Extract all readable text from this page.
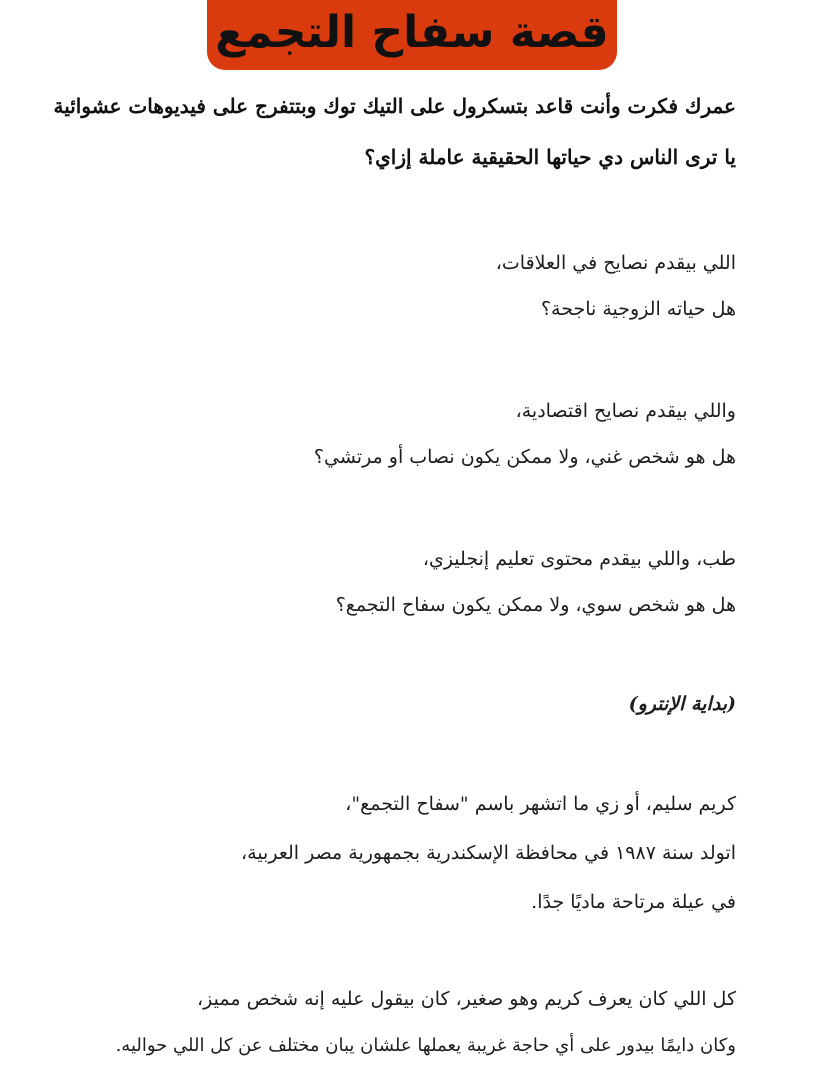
قصة سفاح التجمع
عمرك فكرت وأنت قاعد بتسكرول على التيك توك وبتتفرج على فيديوهات عشوائية
يا ترى الناس دي حياتها الحقيقية عاملة إزاي؟
اللي بيقدم نصايح في العلاقات،
هل حياته الزوجية ناجحة؟
واللي بيقدم نصايح اقتصادية،
هل هو شخص غني، ولا ممكن يكون نصاب أو مرتشي؟
طب، واللي بيقدم محتوى تعليم إنجليزي،
هل هو شخص سوي، ولا ممكن يكون سفاح التجمع؟
(بداية الإنترو)
كريم سليم، أو زي ما اتشهر باسم "سفاح التجمع"،
اتولد سنة ١٩٨٧ في محافظة الإسكندرية بجمهورية مصر العربية،
في عيلة مرتاحة ماديًا جدًا.
كل اللي كان يعرف كريم وهو صغير، كان بيقول عليه إنه شخص مميز،
وكان دايمًا بيدور على أي حاجة غريبة يعملها علشان يبان مختلف عن كل اللي حواليه.
